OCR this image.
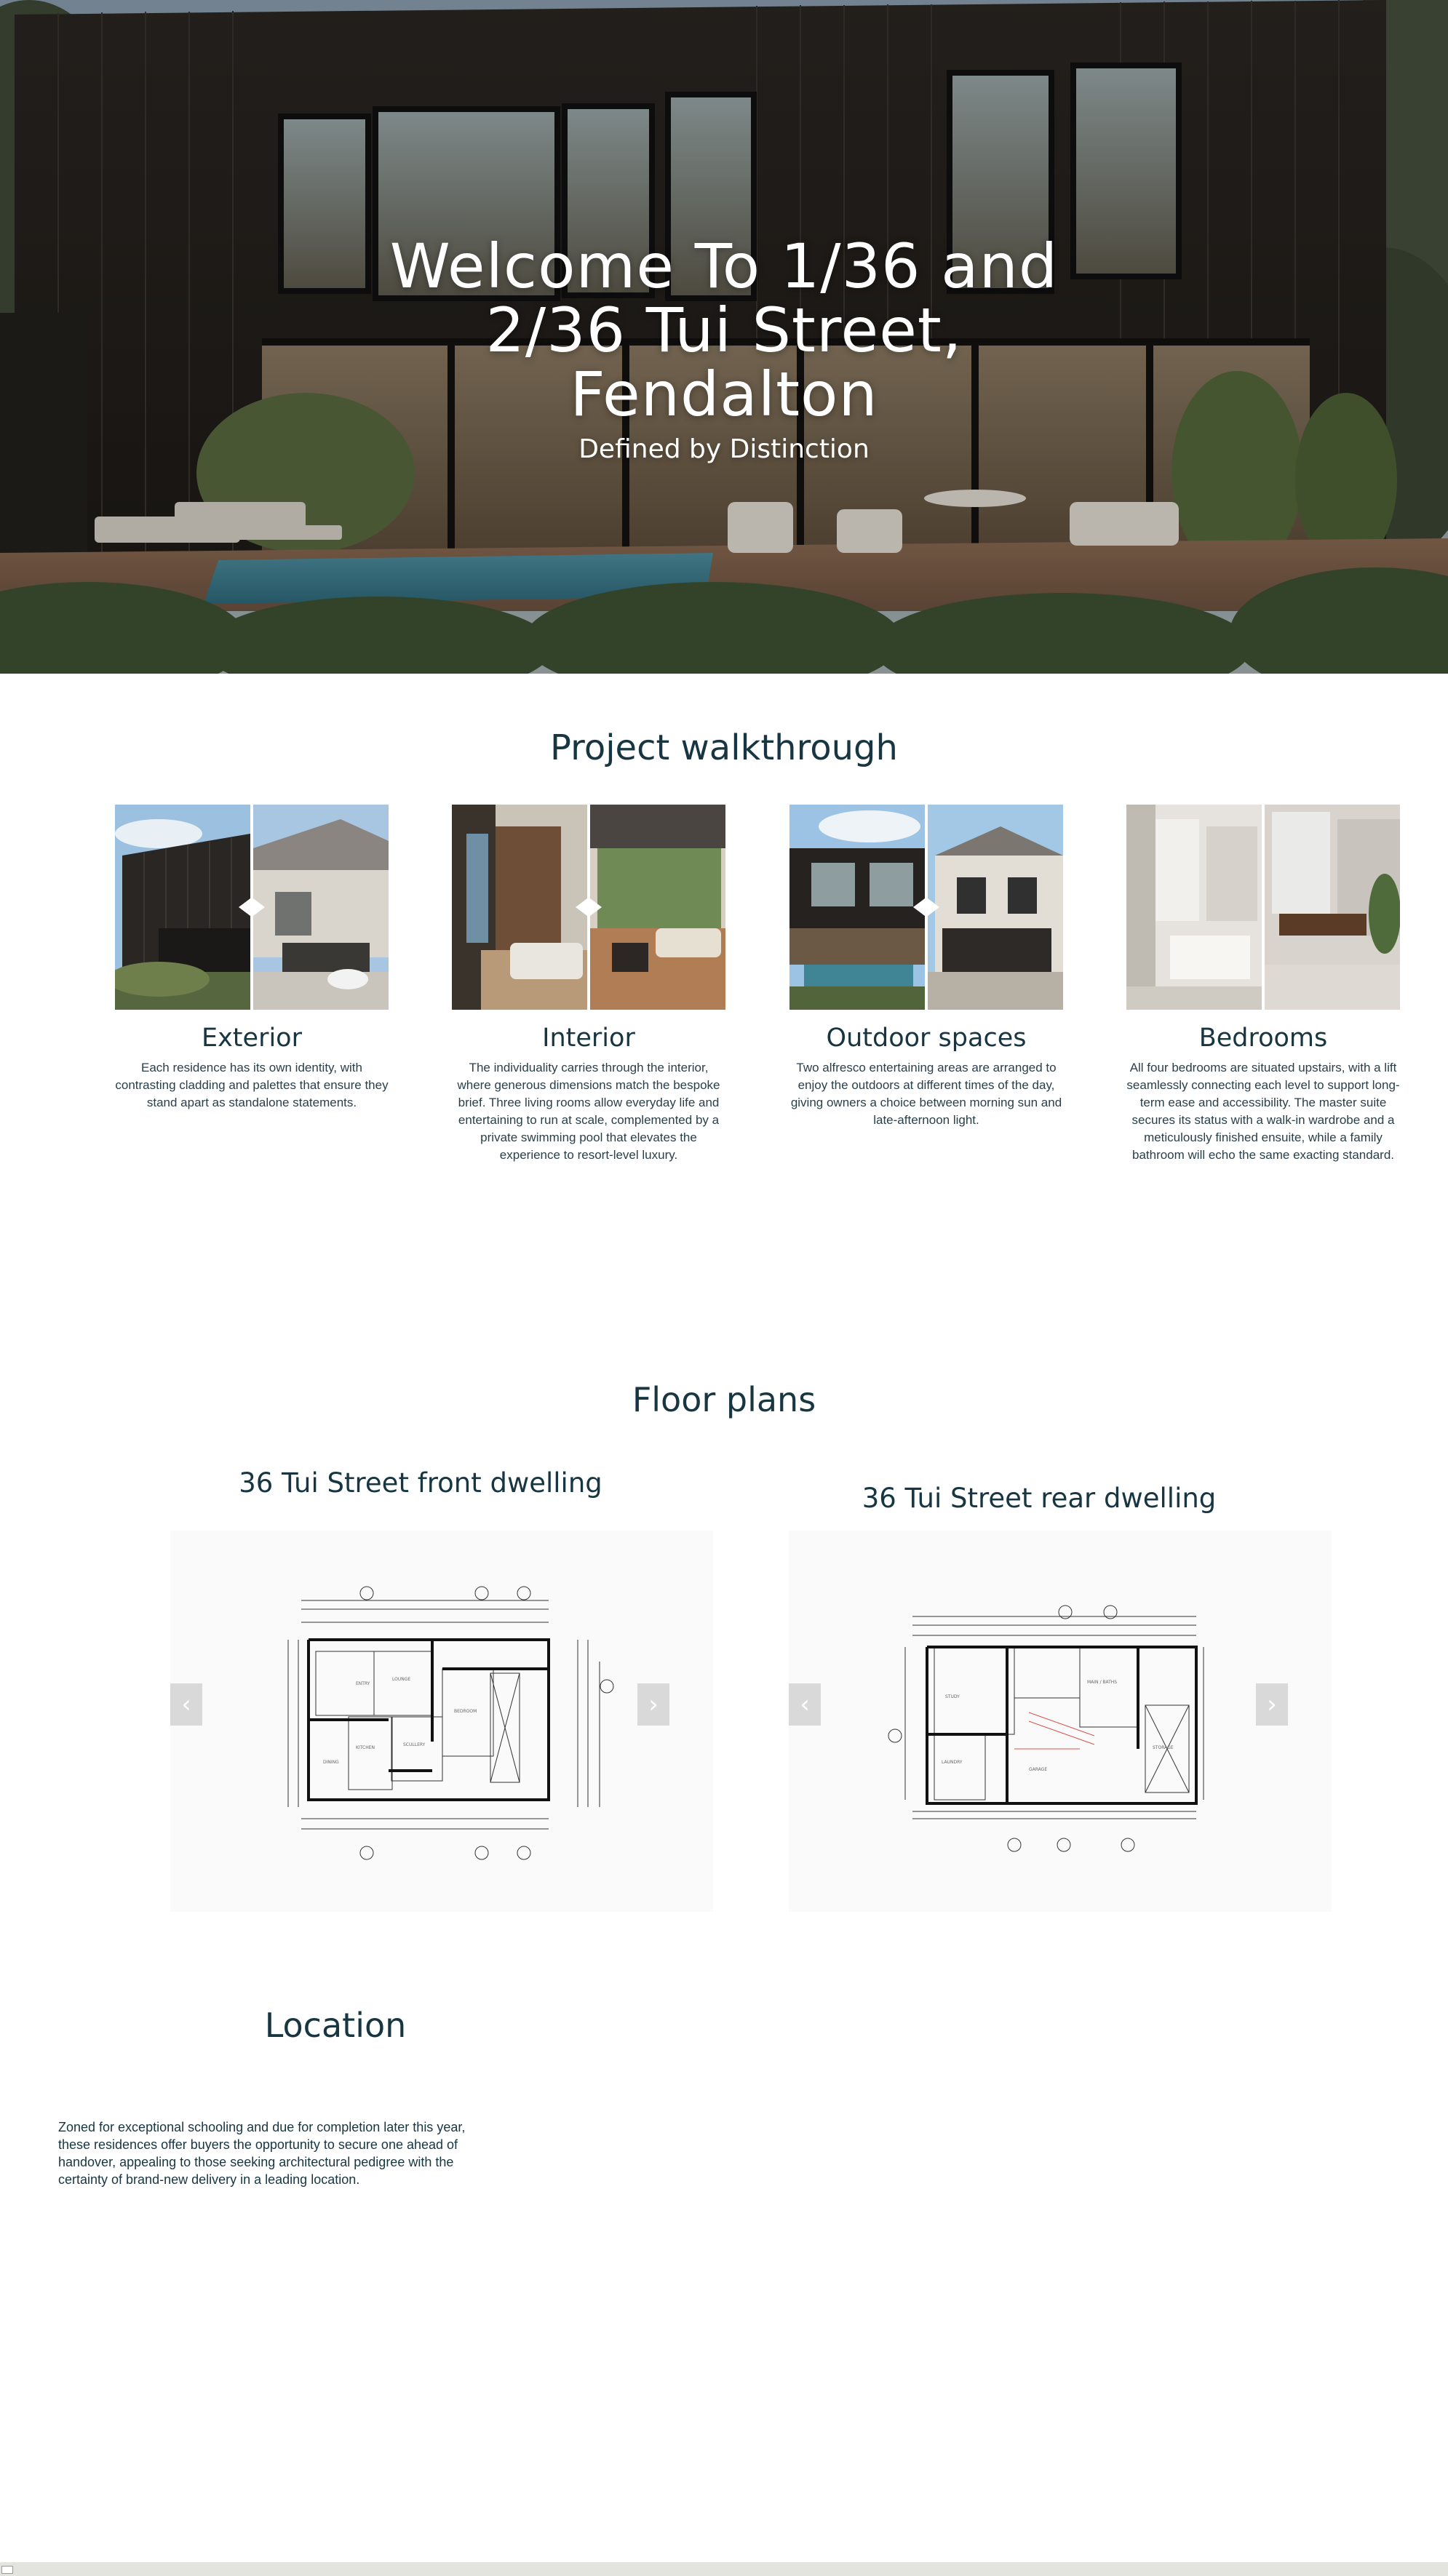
Welcome To 1/36 and 2/36 Tui Street, Fendalton
Defined by Distinction
Project walkthrough
Exterior

Each residence has its own identity, with contrasting cladding and palettes that ensure they stand apart as standalone statements.

Interior

The individuality carries through the interior, where generous dimensions match the bespoke brief. Three living rooms allow everyday life and entertaining to run at scale, complemented by a private swimming pool that elevates the experience to resort-level luxury.

Outdoor spaces

Two alfresco entertaining areas are arranged to enjoy the outdoors at different times of the day, giving owners a choice between morning sun and late-afternoon light.

Bedrooms

All four bedrooms are situated upstairs, with a lift seamlessly connecting each level to support long-term ease and accessibility. The master suite secures its status with a walk-in wardrobe and a meticulously finished ensuite, while a family bathroom will echo the same exacting standard.

Floor plans
36 Tui Street front dwelling	36 Tui Street rear dwelling
ENTRY
LOUNGE
BEDROOM
KITCHEN
SCULLERY
DINING
‹	›	STUDY
MAIN / BATHS
LAUNDRY
GARAGE
STORAGE
‹	›
Location

Zoned for exceptional schooling and due for completion later this year, these residences offer buyers the opportunity to secure one ahead of handover, appealing to those seeking architectural pedigree with the certainty of brand-new delivery in a leading location.
